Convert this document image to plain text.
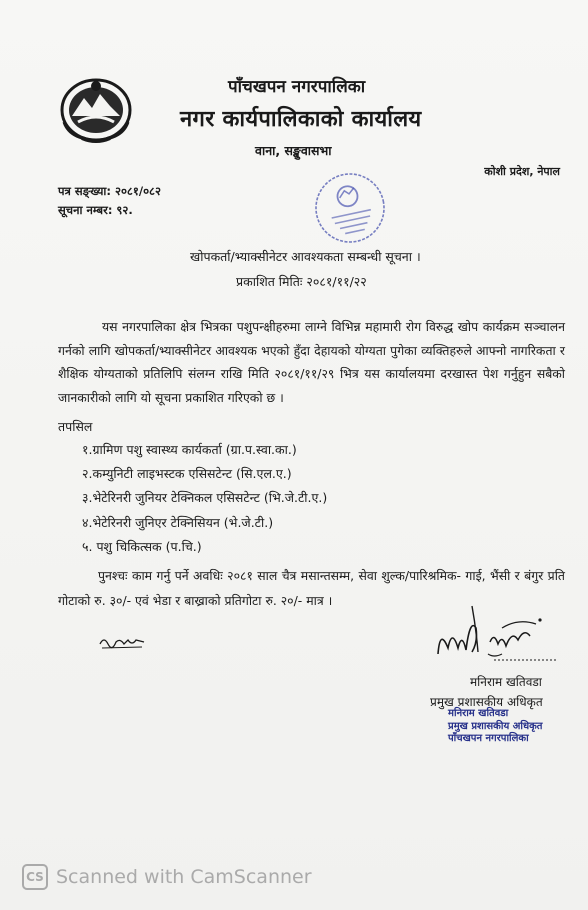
पाँचखपन नगरपालिका
नगर कार्यपालिकाको कार्यालय
वाना, सङ्खुवासभा
कोशी प्रदेश, नेपाल
पत्र सङ्ख्या: २०८१/०८२
सूचना नम्बर: ९२.
खोपकर्ता/भ्याक्सीनेटर आवश्यकता सम्बन्धी सूचना ।
प्रकाशित मितिः २०८१/११/२२
यस नगरपालिका क्षेत्र भित्रका पशुपन्क्षीहरुमा लाग्ने विभिन्न महामारी रोग विरुद्ध खोप कार्यक्रम सञ्चालन गर्नको लागि खोपकर्ता/भ्याक्सीनेटर आवश्यक भएको हुँदा देहायको योग्यता पुगेका व्यक्तिहरुले आफ्नो नागरिकता र शैक्षिक योग्यताको प्रतिलिपि संलग्न राखि मिति २०८१/११/२९ भित्र यस कार्यालयमा दरखास्त पेश गर्नुहुन सबैको जानकारीको लागि यो सूचना प्रकाशित गरिएको छ ।
तपसिल
१.ग्रामिण पशु स्वास्थ्य कार्यकर्ता (ग्रा.प.स्वा.का.)
२.कम्युनिटी लाइभस्टक एसिसटेन्ट (सि.एल.ए.)
३.भेटेरिनरी जुनियर टेक्निकल एसिसटेन्ट (भि.जे.टी.ए.)
४.भेटेरिनरी जुनिएर टेक्निसियन (भे.जे.टी.)
५. पशु चिकित्सक (प.चि.)
पुनश्चः काम गर्नु पर्ने अवधिः २०८१ साल चैत्र मसान्तसम्म, सेवा शुल्क/पारिश्रमिक- गाई, भैंसी र बंगुर प्रति गोटाको रु. ३०/- एवं भेडा र बाख्राको प्रतिगोटा रु. २०/- मात्र ।
मनिराम खतिवडा
प्रमुख प्रशासकीय अधिकृत
मनिराम खतिवडा
प्रमुख प्रशासकीय अधिकृत
पाँचखपन नगरपालिका
CS Scanned with CamScanner
